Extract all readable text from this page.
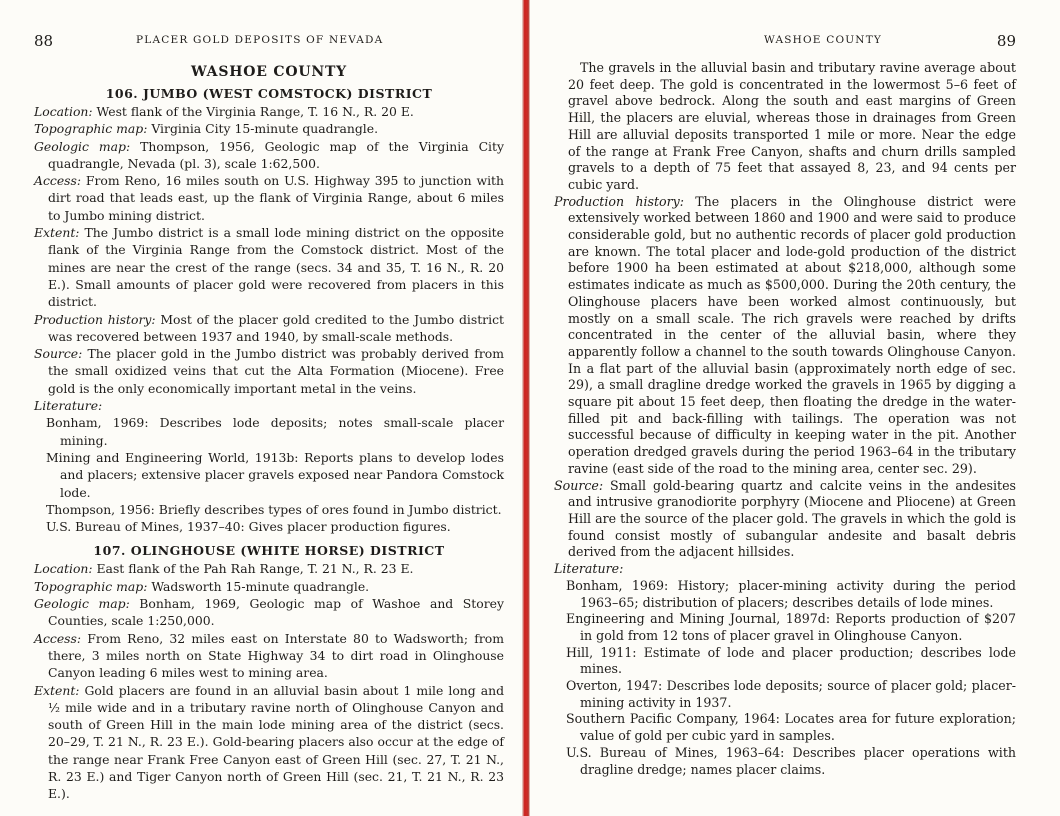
88	PLACER GOLD DEPOSITS OF NEVADA
WASHOE COUNTY
106. JUMBO (WEST COMSTOCK) DISTRICT

Location: West flank of the Virginia Range, T. 16 N., R. 20 E.

Topographic map: Virginia City 15-minute quadrangle.

Geologic map: Thompson, 1956, Geologic map of the Virginia City quadrangle, Nevada (pl. 3), scale 1:62,500.

Access: From Reno, 16 miles south on U.S. Highway 395 to junction with dirt road that leads east, up the flank of Virginia Range, about 6 miles to Jumbo mining district.

Extent: The Jumbo district is a small lode mining district on the opposite flank of the Virginia Range from the Comstock district. Most of the mines are near the crest of the range (secs. 34 and 35, T. 16 N., R. 20 E.). Small amounts of placer gold were recovered from placers in this district.

Production history: Most of the placer gold credited to the Jumbo district was recovered between 1937 and 1940, by small-scale methods.

Source: The placer gold in the Jumbo district was probably derived from the small oxidized veins that cut the Alta Formation (Miocene). Free gold is the only economically important metal in the veins.

Literature:

Bonham, 1969: Describes lode deposits; notes small-scale placer mining.

Mining and Engineering World, 1913b: Reports plans to develop lodes and placers; extensive placer gravels exposed near Pandora Comstock lode.

Thompson, 1956: Briefly describes types of ores found in Jumbo district.

U.S. Bureau of Mines, 1937–40: Gives placer production figures.

107. OLINGHOUSE (WHITE HORSE) DISTRICT

Location: East flank of the Pah Rah Range, T. 21 N., R. 23 E.

Topographic map: Wadsworth 15-minute quadrangle.

Geologic map: Bonham, 1969, Geologic map of Washoe and Storey Counties, scale 1:250,000.

Access: From Reno, 32 miles east on Interstate 80 to Wadsworth; from there, 3 miles north on State Highway 34 to dirt road in Olinghouse Canyon leading 6 miles west to mining area.

Extent: Gold placers are found in an alluvial basin about 1 mile long and ½ mile wide and in a tributary ravine north of Olinghouse Canyon and south of Green Hill in the main lode mining area of the district (secs. 20–29, T. 21 N., R. 23 E.). Gold-bearing placers also occur at the edge of the range near Frank Free Canyon east of Green Hill (sec. 27, T. 21 N., R. 23 E.) and Tiger Canyon north of Green Hill (sec. 21, T. 21 N., R. 23 E.).

WASHOE COUNTY	89

The gravels in the alluvial basin and tributary ravine average about 20 feet deep. The gold is concentrated in the lowermost 5–6 feet of gravel above bedrock. Along the south and east margins of Green Hill, the placers are eluvial, whereas those in drainages from Green Hill are alluvial deposits transported 1 mile or more. Near the edge of the range at Frank Free Canyon, shafts and churn drills sampled gravels to a depth of 75 feet that assayed 8, 23, and 94 cents per cubic yard.

Production history: The placers in the Olinghouse district were extensively worked between 1860 and 1900 and were said to produce considerable gold, but no authentic records of placer gold production are known. The total placer and lode-gold production of the district before 1900 ha been estimated at about $218,000, although some estimates indicate as much as $500,000. During the 20th century, the Olinghouse placers have been worked almost continuously, but mostly on a small scale. The rich gravels were reached by drifts concentrated in the center of the alluvial basin, where they apparently follow a channel to the south towards Olinghouse Canyon. In a flat part of the alluvial basin (approximately north edge of sec. 29), a small dragline dredge worked the gravels in 1965 by digging a square pit about 15 feet deep, then floating the dredge in the water-filled pit and back-filling with tailings. The operation was not successful because of difficulty in keeping water in the pit. Another operation dredged gravels during the period 1963–64 in the tributary ravine (east side of the road to the mining area, center sec. 29).

Source: Small gold-bearing quartz and calcite veins in the andesites and intrusive granodiorite porphyry (Miocene and Pliocene) at Green Hill are the source of the placer gold. The gravels in which the gold is found consist mostly of subangular andesite and basalt debris derived from the adjacent hillsides.

Literature:

Bonham, 1969: History; placer-mining activity during the period 1963–65; distribution of placers; describes details of lode mines.

Engineering and Mining Journal, 1897d: Reports production of $207 in gold from 12 tons of placer gravel in Olinghouse Canyon.

Hill, 1911: Estimate of lode and placer production; describes lode mines.

Overton, 1947: Describes lode deposits; source of placer gold; placer-mining activity in 1937.

Southern Pacific Company, 1964: Locates area for future exploration; value of gold per cubic yard in samples.

U.S. Bureau of Mines, 1963–64: Describes placer operations with dragline dredge; names placer claims.
